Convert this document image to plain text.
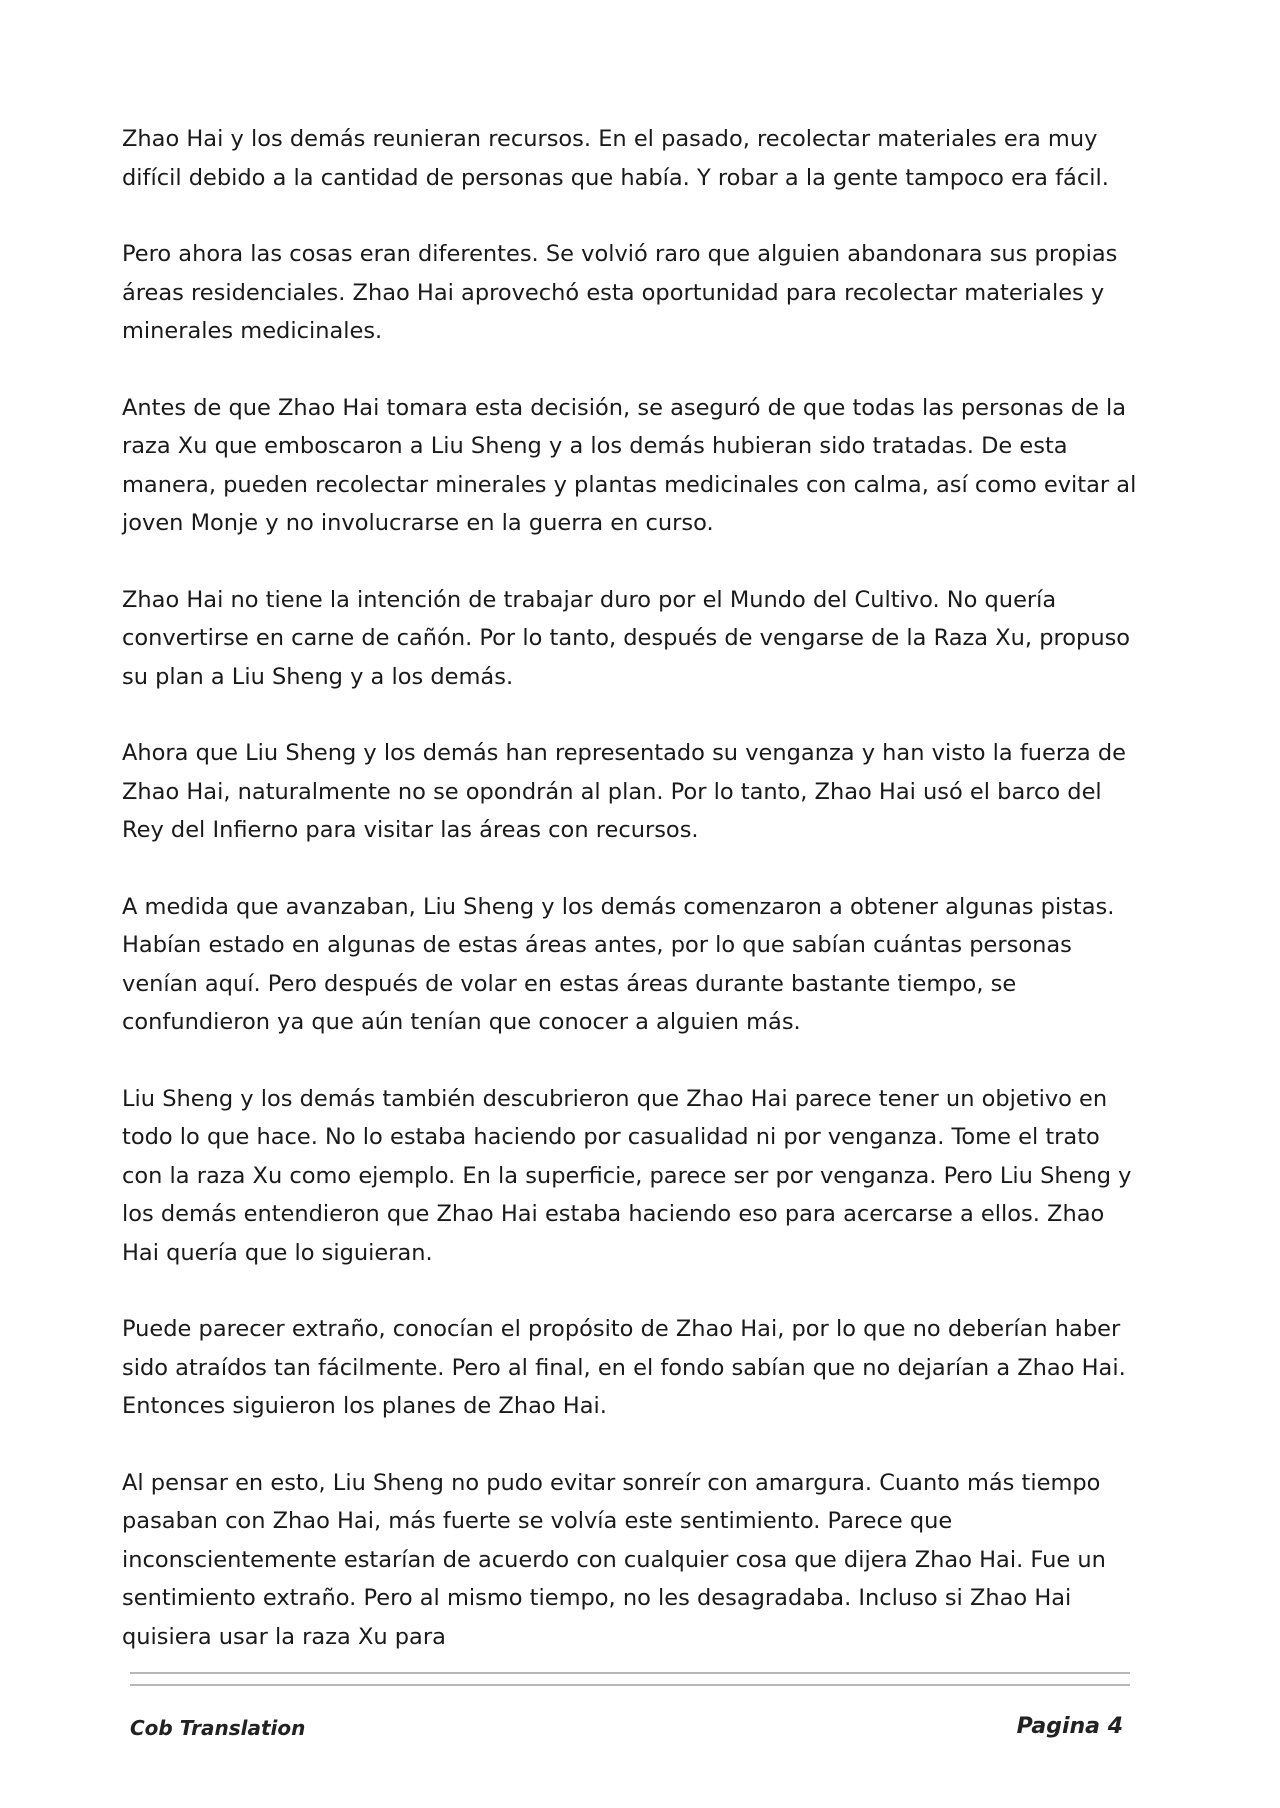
Zhao Hai y los demás reunieran recursos. En el pasado, recolectar materiales era muy difícil debido a la cantidad de personas que había. Y robar a la gente tampoco era fácil.

Pero ahora las cosas eran diferentes. Se volvió raro que alguien abandonara sus propias áreas residenciales. Zhao Hai aprovechó esta oportunidad para recolectar materiales y minerales medicinales.

Antes de que Zhao Hai tomara esta decisión, se aseguró de que todas las personas de la raza Xu que emboscaron a Liu Sheng y a los demás hubieran sido tratadas. De esta manera, pueden recolectar minerales y plantas medicinales con calma, así como evitar al joven Monje y no involucrarse en la guerra en curso.

Zhao Hai no tiene la intención de trabajar duro por el Mundo del Cultivo. No quería convertirse en carne de cañón. Por lo tanto, después de vengarse de la Raza Xu, propuso su plan a Liu Sheng y a los demás.

Ahora que Liu Sheng y los demás han representado su venganza y han visto la fuerza de Zhao Hai, naturalmente no se opondrán al plan. Por lo tanto, Zhao Hai usó el barco del Rey del Infierno para visitar las áreas con recursos.

A medida que avanzaban, Liu Sheng y los demás comenzaron a obtener algunas pistas. Habían estado en algunas de estas áreas antes, por lo que sabían cuántas personas venían aquí. Pero después de volar en estas áreas durante bastante tiempo, se confundieron ya que aún tenían que conocer a alguien más.

Liu Sheng y los demás también descubrieron que Zhao Hai parece tener un objetivo en todo lo que hace. No lo estaba haciendo por casualidad ni por venganza. Tome el trato con la raza Xu como ejemplo. En la superficie, parece ser por venganza. Pero Liu Sheng y los demás entendieron que Zhao Hai estaba haciendo eso para acercarse a ellos. Zhao Hai quería que lo siguieran.

Puede parecer extraño, conocían el propósito de Zhao Hai, por lo que no deberían haber sido atraídos tan fácilmente. Pero al final, en el fondo sabían que no dejarían a Zhao Hai. Entonces siguieron los planes de Zhao Hai.

Al pensar en esto, Liu Sheng no pudo evitar sonreír con amargura. Cuanto más tiempo pasaban con Zhao Hai, más fuerte se volvía este sentimiento. Parece que inconscientemente estarían de acuerdo con cualquier cosa que dijera Zhao Hai. Fue un sentimiento extraño. Pero al mismo tiempo, no les desagradaba. Incluso si Zhao Hai quisiera usar la raza Xu para

Cob Translation	Pagina 4
